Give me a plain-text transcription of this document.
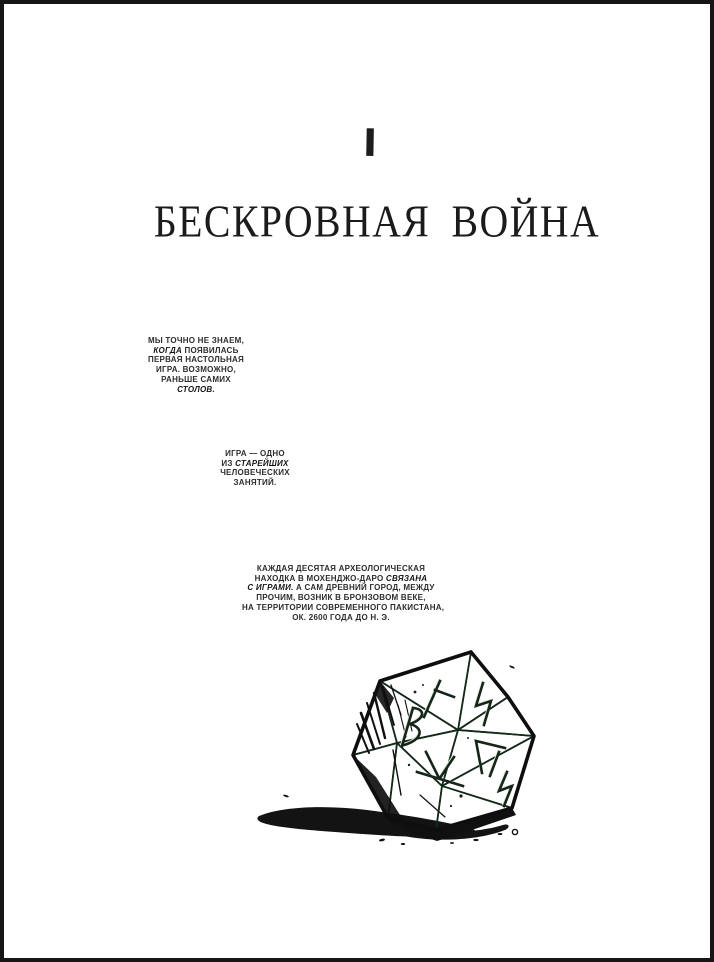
I
БЕСКРОВНАЯ ВОЙНА
МЫ ТОЧНО НЕ ЗНАЕМ,
КОГДА ПОЯВИЛАСЬ
ПЕРВАЯ НАСТОЛЬНАЯ
ИГРА. ВОЗМОЖНО,
РАНЬШЕ САМИХ
СТОЛОВ.
ИГРА — ОДНО
ИЗ СТАРЕЙШИХ
ЧЕЛОВЕЧЕСКИХ
ЗАНЯТИЙ.
КАЖДАЯ ДЕСЯТАЯ АРХЕОЛОГИЧЕСКАЯ
НАХОДКА В МОХЕНДЖО-ДАРО СВЯЗАНА
С ИГРАМИ. А САМ ДРЕВНИЙ ГОРОД, МЕЖДУ
ПРОЧИМ, ВОЗНИК В БРОНЗОВОМ ВЕКЕ,
НА ТЕРРИТОРИИ СОВРЕМЕННОГО ПАКИСТАНА,
ОК. 2600 ГОДА ДО Н. Э.
